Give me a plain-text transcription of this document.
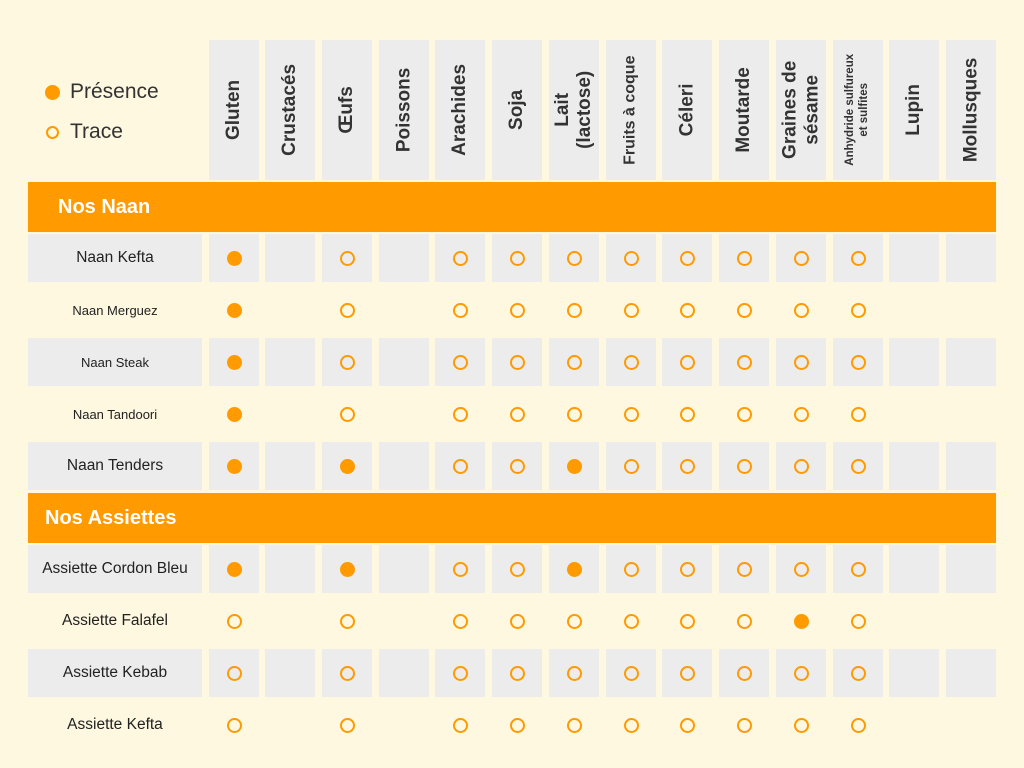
Présence
Trace	Gluten Crustacés Œufs Poissons Arachides Soja Lait
(lactose) Fruits à coque Céleri Moutarde Graines de
sésame Anhydride sulfureux et sulfites Lupin Mollusques
Nos Naan
Naan Kefta
Naan Merguez
Naan Steak
Naan Tandoori
Naan Tenders
Nos Assiettes
Assiette Cordon Bleu
Assiette Falafel
Assiette Kebab
Assiette Kefta
